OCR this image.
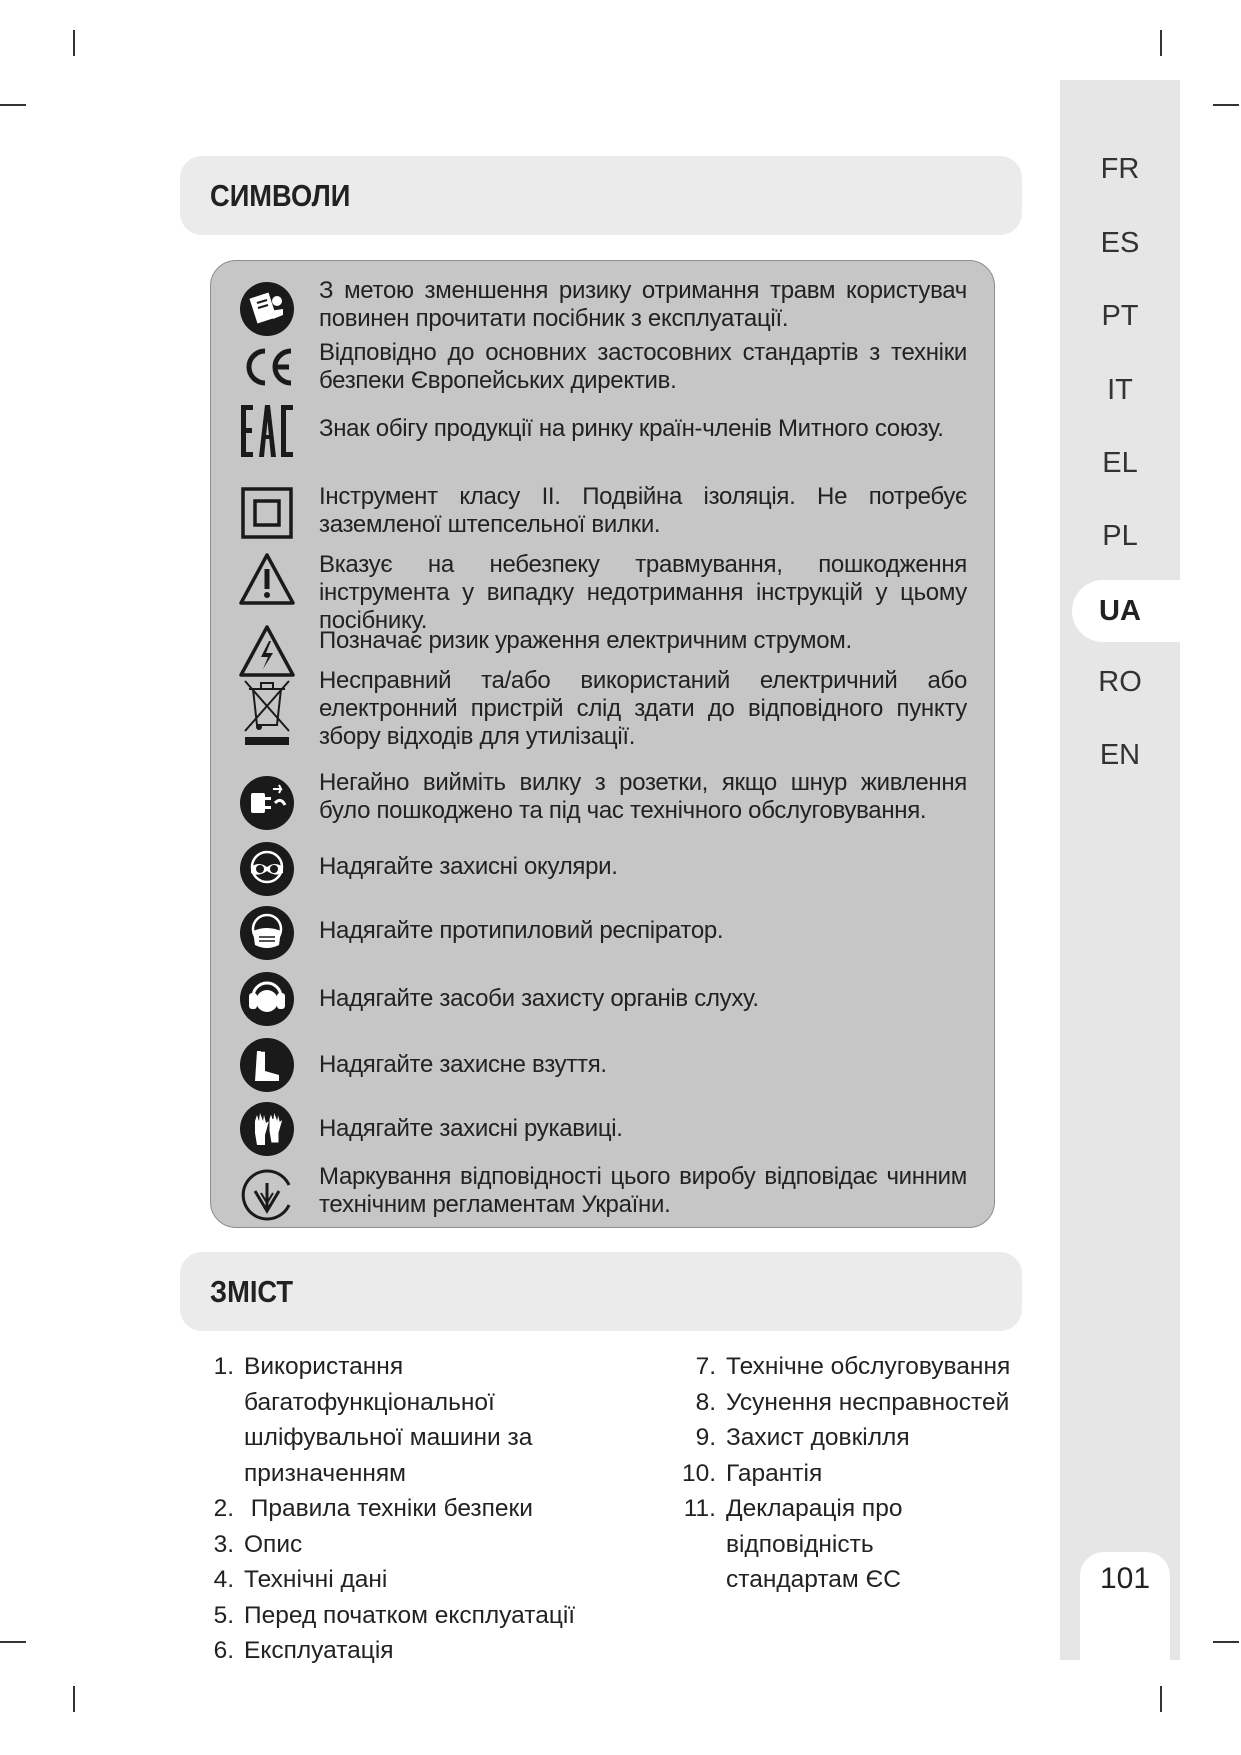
FR
ES
PT
IT
EL
PL
UA
RO
EN
101
СИМВОЛИ
З метою зменшення ризику отримання травм користувач повинен прочитати посібник з експлуатації.
Відповідно до основних застосовних стандартів з техніки безпеки Європейських директив.
Знак обігу продукції на ринку країн-членів Митного союзу.
Інструмент класу II. Подвійна ізоляція. Не потребує заземленої штепсельної вилки.
Вказує на небезпеку травмування, пошкодження інструмента у випадку недотримання інструкцій у цьому посібнику.
Позначає ризик ураження електричним струмом.
Несправний та/або використаний електричний або електронний пристрій слід здати до відповідного пункту збору відходів для утилізації.
Негайно вийміть вилку з розетки, якщо шнур живлення було пошкоджено та під час технічного обслуговування.
Надягайте захисні окуляри.
Надягайте протипиловий респіратор.
Надягайте засоби захисту органів слуху.
Надягайте захисне взуття.
Надягайте захисні рукавиці.
Маркування відповідності цього виробу відповідає чинним технічним регламентам України.
ЗМІСТ
1. Використання багатофункціональної
шліфувальної машини за призначенням
2. Правила техніки безпеки
3. Опис
4. Технічні дані
5. Перед початком експлуатації
6. Експлуатація
7. Технічне обслуговування
8. Усунення несправностей
9. Захист довкілля
10. Гарантія
11. Декларація про відповідність
стандартам ЄС
